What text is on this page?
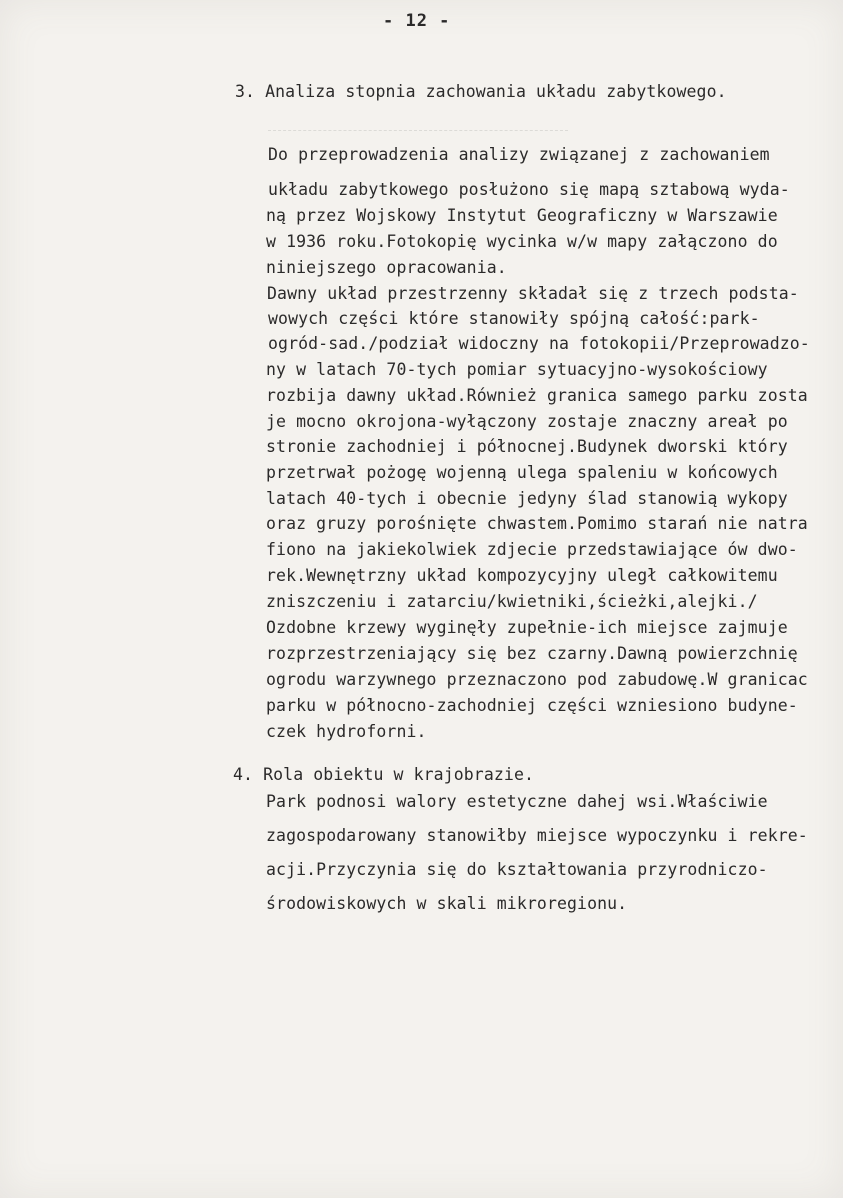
- 12 -

3. Analiza stopnia zachowania układu zabytkowego.

Do przeprowadzenia analizy związanej z zachowaniem

układu zabytkowego posłużono się mapą sztabową wyda-

ną przez Wojskowy Instytut Geograficzny w Warszawie

w 1936 roku.Fotokopię wycinka w/w mapy załączono do

niniejszego opracowania.

Dawny układ przestrzenny składał się z trzech podsta-

wowych części które stanowiły spójną całość:park-

ogród-sad./podział widoczny na fotokopii/Przeprowadzo-

ny w latach 70-tych pomiar sytuacyjno-wysokościowy

rozbija dawny układ.Również granica samego parku zosta

je mocno okrojona-wyłączony zostaje znaczny areał po

stronie zachodniej i północnej.Budynek dworski który

przetrwał pożogę wojenną ulega spaleniu w końcowych

latach 40-tych i obecnie jedyny ślad stanowią wykopy

oraz gruzy porośnięte chwastem.Pomimo starań nie natra

fiono na jakiekolwiek zdjecie przedstawiające ów dwo-

rek.Wewnętrzny układ kompozycyjny uległ całkowitemu

zniszczeniu i zatarciu/kwietniki,ścieżki,alejki./

Ozdobne krzewy wyginęły zupełnie-ich miejsce zajmuje

rozprzestrzeniający się bez czarny.Dawną powierzchnię

ogrodu warzywnego przeznaczono pod zabudowę.W granicac

parku w północno-zachodniej części wzniesiono budyne-

czek hydroforni.

4. Rola obiektu w krajobrazie.

Park podnosi walory estetyczne dahej wsi.Właściwie

zagospodarowany stanowiłby miejsce wypoczynku i rekre-

acji.Przyczynia się do kształtowania przyrodniczo-

środowiskowych w skali mikroregionu.
